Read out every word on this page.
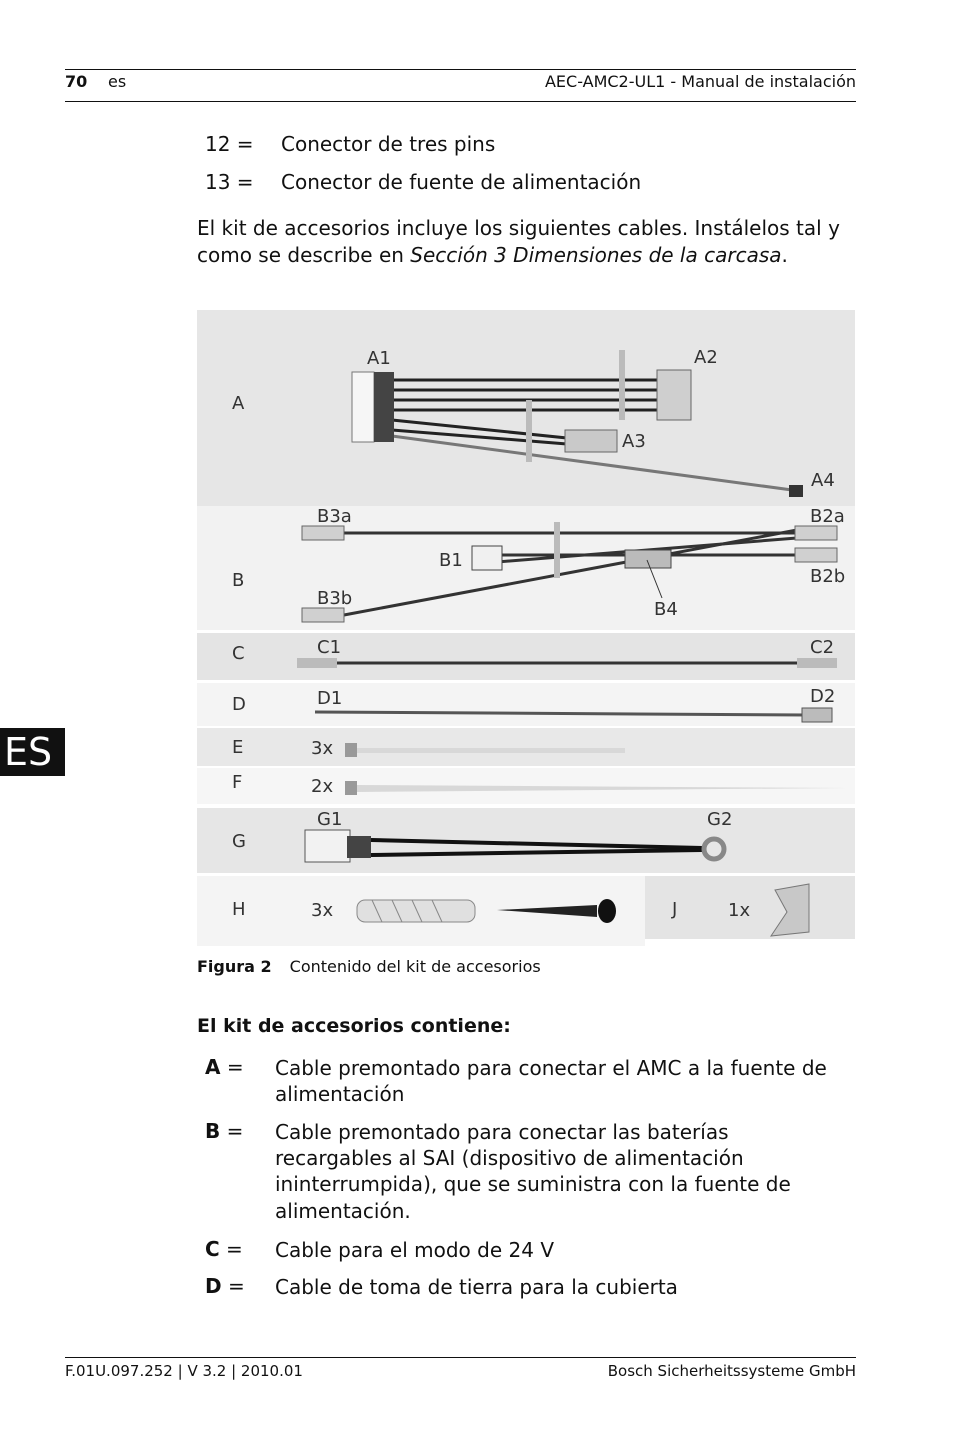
70 es	AEC-AMC2-UL1 - Manual de instalación
12 = Conector de tres pins
13 = Conector de fuente de alimentación
El kit de accesorios incluye los siguientes cables. Instálelos tal y
como se describe en Sección 3 Dimensiones de la carcasa.
A
B
C
D
E
F
G
H	J
A1	A2
A3
A4
B3a	B2a
B1
B2b
B3b
B4
C1	C2
D1	D2
3x
2x
G1	G2
3x	1x
Figura 2 Contenido del kit de accesorios
El kit de accesorios contiene:
A = Cable premontado para conectar el AMC a la fuente de
alimentación
B = Cable premontado para conectar las baterías
recargables al SAI (dispositivo de alimentación
ininterrumpida), que se suministra con la fuente de
alimentación.
C = Cable para el modo de 24 V
D = Cable de toma de tierra para la cubierta
ES
F.01U.097.252 | V 3.2 | 2010.01	Bosch Sicherheitssysteme GmbH
